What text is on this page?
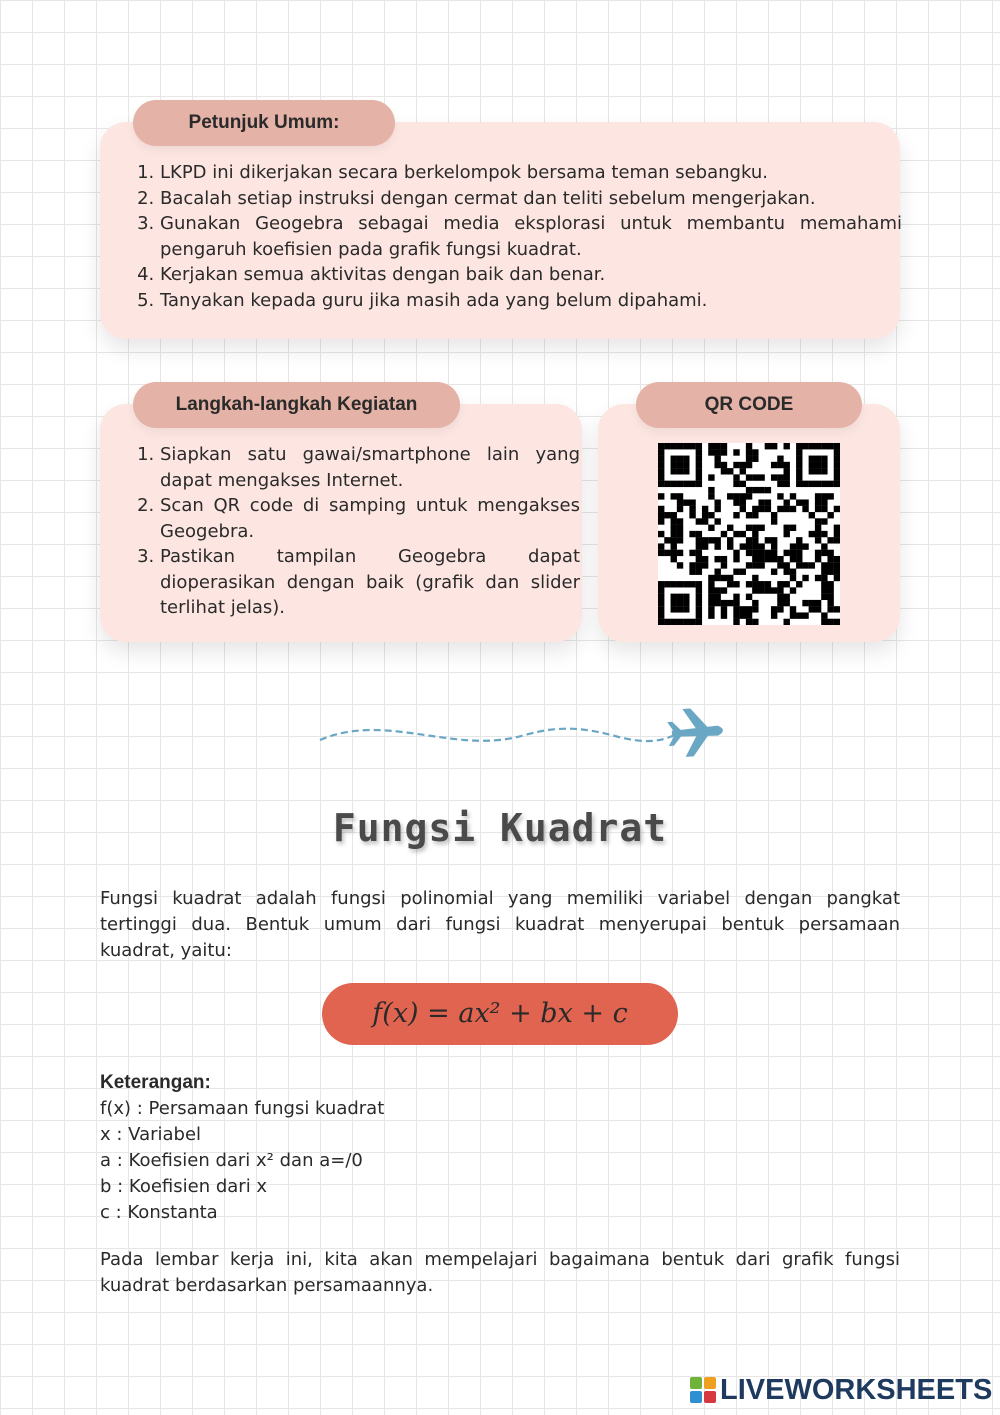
Petunjuk Umum:
1. LKPD ini dikerjakan secara berkelompok bersama teman sebangku.
2. Bacalah setiap instruksi dengan cermat dan teliti sebelum mengerjakan.
3. Gunakan Geogebra sebagai media eksplorasi untuk membantu memahami pengaruh koefisien pada grafik fungsi kuadrat.
4. Kerjakan semua aktivitas dengan baik dan benar.
5. Tanyakan kepada guru jika masih ada yang belum dipahami.
Langkah-langkah Kegiatan
1. Siapkan satu gawai/smartphone lain yang dapat mengakses Internet.
2. Scan QR code di samping untuk mengakses Geogebra.
3. Pastikan tampilan Geogebra dapat dioperasikan dengan baik (grafik dan slider terlihat jelas).
QR CODE
Fungsi Kuadrat

Fungsi kuadrat adalah fungsi polinomial yang memiliki variabel dengan pangkat tertinggi dua. Bentuk umum dari fungsi kuadrat menyerupai bentuk persamaan kuadrat, yaitu:

f(x) = ax² + bx + c
Keterangan:
f(x) : Persamaan fungsi kuadrat
x : Variabel
a : Koefisien dari x² dan a=/0
b : Koefisien dari x
c : Konstanta

Pada lembar kerja ini, kita akan mempelajari bagaimana bentuk dari grafik fungsi kuadrat berdasarkan persamaannya.

LIVEWORKSHEETS
